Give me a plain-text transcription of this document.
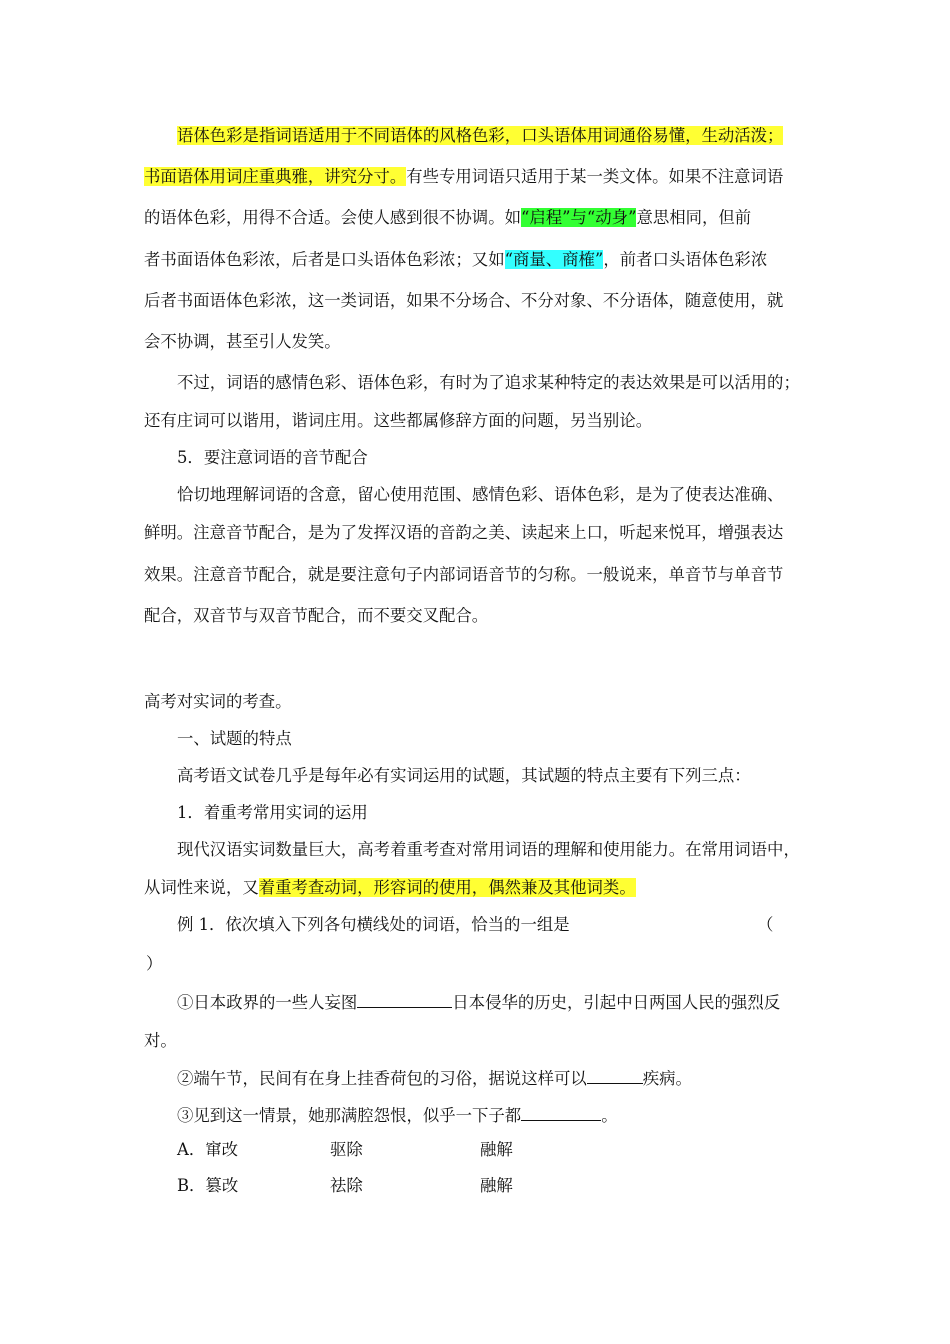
语体色彩是指词语适用于不同语体的风格色彩，口头语体用词通俗易懂，生动活泼；
书面语体用词庄重典雅，讲究分寸。有些专用词语只适用于某一类文体。如果不注意词语
的语体色彩，用得不合适。会使人感到很不协调。如“启程”与“动身”意思相同，但前
者书面语体色彩浓，后者是口头语体色彩浓；又如“商量、商榷”，前者口头语体色彩浓
后者书面语体色彩浓，这一类词语，如果不分场合、不分对象、不分语体，随意使用，就
会不协调，甚至引人发笑。
不过，词语的感情色彩、语体色彩，有时为了追求某种特定的表达效果是可以活用的；
还有庄词可以谐用，谐词庄用。这些都属修辞方面的问题，另当别论。
5．要注意词语的音节配合
恰切地理解词语的含意，留心使用范围、感情色彩、语体色彩，是为了使表达准确、
鲜明。注意音节配合，是为了发挥汉语的音韵之美、读起来上口，听起来悦耳，增强表达
效果。注意音节配合，就是要注意句子内部词语音节的匀称。一般说来，单音节与单音节
配合，双音节与双音节配合，而不要交叉配合。
高考对实词的考查。
一、试题的特点
高考语文试卷几乎是每年必有实词运用的试题，其试题的特点主要有下列三点：
1．着重考常用实词的运用
现代汉语实词数量巨大，高考着重考查对常用词语的理解和使用能力。在常用词语中，
从词性来说，又着重考查动词，形容词的使用，偶然兼及其他词类。
例 1．依次填入下列各句横线处的词语，恰当的一组是	（
）
①日本政界的一些人妄图	日本侵华的历史，引起中日两国人民的强烈反
对。
②端午节，民间有在身上挂香荷包的习俗，据说这样可以	疾病。
③见到这一情景，她那满腔怨恨，似乎一下子都	。
A．窜改	驱除	融解
B．篡改	祛除	融解
